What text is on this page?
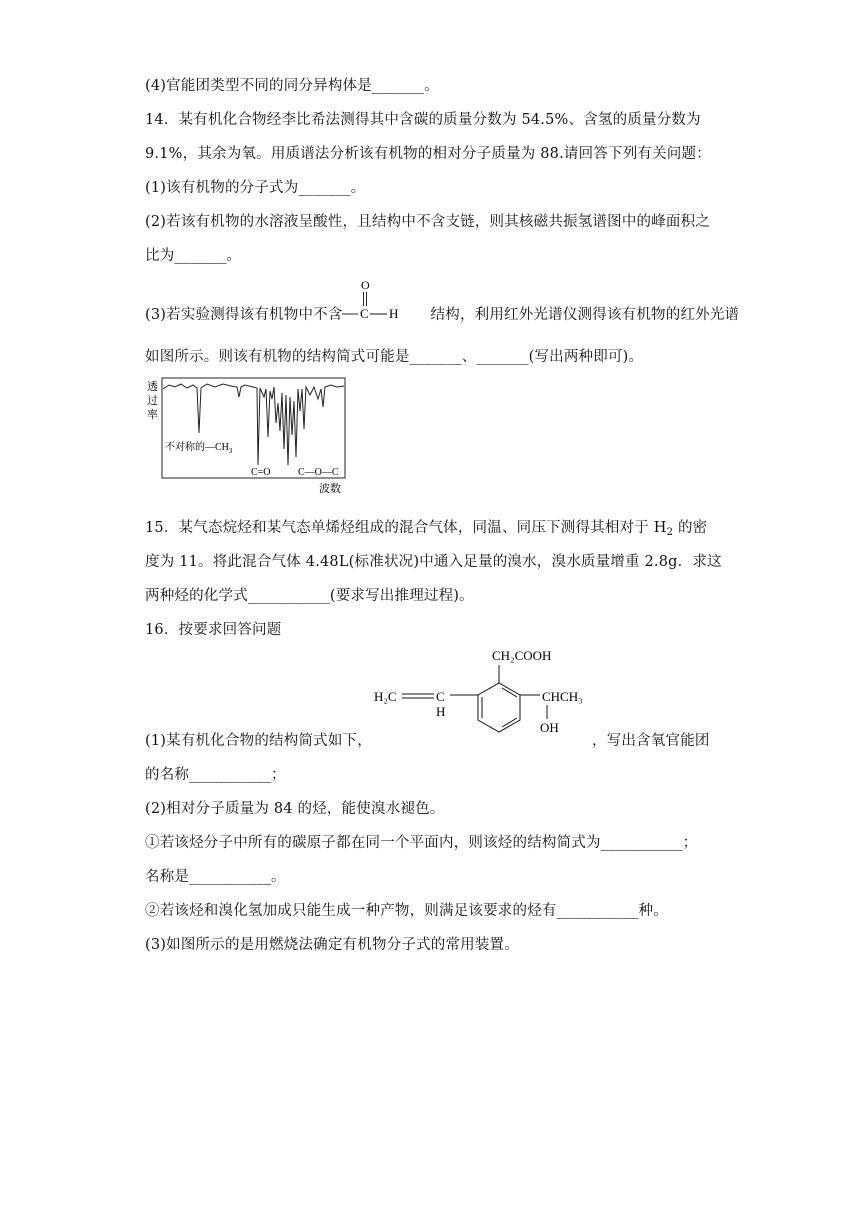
(4)官能团类型不同的同分异构体是_______。
14．某有机化合物经李比希法测得其中含碳的质量分数为 54.5%、含氢的质量分数为
9.1%，其余为氧。用质谱法分析该有机物的相对分子质量为 88.请回答下列有关问题：
(1)该有机物的分子式为_______。
(2)若该有机物的水溶液呈酸性，且结构中不含支链，则其核磁共振氢谱图中的峰面积之
比为_______。
(3)若实验测得该有机物中不含	结构，利用红外光谱仪测得该有机物的红外光谱
O
C H
如图所示。则该有机物的结构简式可能是_______、_______(写出两种即可)。
透
过
率
不对称的$—CH_3$
C=O	C—O—C
波数
15．某气态烷烃和某气态单烯烃组成的混合气体，同温、同压下测得其相对于 $H_2$ 的密
度为 11。将此混合气体 4.48L(标准状况)中通入足量的溴水，溴水质量增重 2.8g．求这
两种烃的化学式___________(要求写出推理过程)。
16．按要求回答问题
CH₂COOH
C
H
H₂C	CHCH₃
OH
(1)某有机化合物的结构简式如下，	，写出含氧官能团
的名称___________；
(2)相对分子质量为 84 的烃，能使溴水褪色。
①若该烃分子中所有的碳原子都在同一个平面内，则该烃的结构简式为___________；
名称是___________。
②若该烃和溴化氢加成只能生成一种产物，则满足该要求的烃有___________种。
(3)如图所示的是用燃烧法确定有机物分子式的常用装置。
